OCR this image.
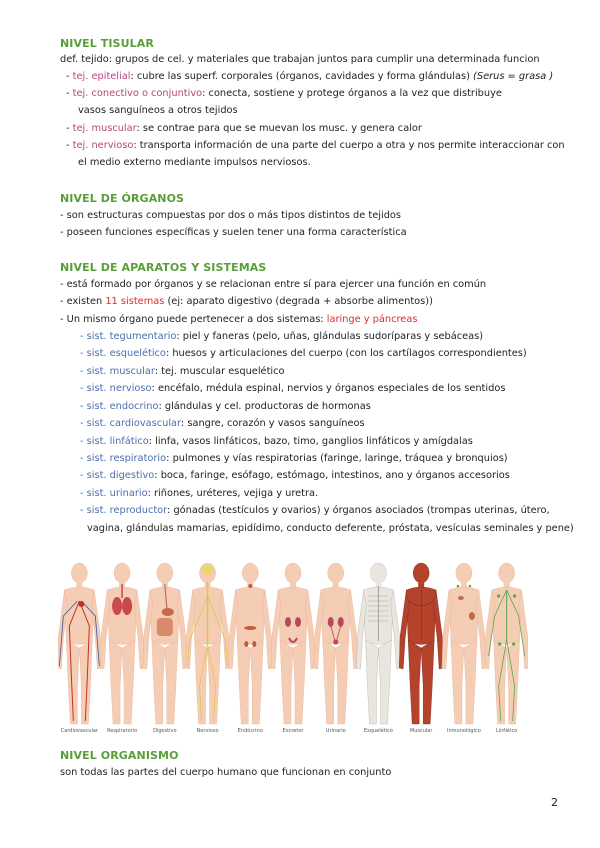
NIVEL TISULAR
def. tejido: grupos de cel. y materiales que trabajan juntos para cumplir una determinada funcion
- tej. epitelial: cubre las superf. corporales (órganos, cavidades y forma glándulas) (Serus = grasa )
- tej. conectivo o conjuntivo: conecta, sostiene y protege órganos a la vez que distribuye
vasos sanguíneos a otros tejidos
- tej. muscular: se contrae para que se muevan los musc. y genera calor
- tej. nervioso: transporta información de una parte del cuerpo a otra y nos permite interaccionar con
el medio externo mediante impulsos nerviosos.
NIVEL DE ÓRGANOS
- son estructuras compuestas por dos o más tipos distintos de tejidos
- poseen funciones específicas y suelen tener una forma característica
NIVEL DE APARATOS Y SISTEMAS
- está formado por órganos y se relacionan entre sí para ejercer una función en común
- existen 11 sistemas (ej: aparato digestivo (degrada + absorbe alimentos))
- Un mismo órgano puede pertenecer a dos sistemas: laringe y páncreas
- sist. tegumentario: piel y faneras (pelo, uñas, glándulas sudoríparas y sebáceas)
- sist. esquelético: huesos y articulaciones del cuerpo (con los cartílagos correspondientes)
- sist. muscular: tej. muscular esquelético
- sist. nervioso: encéfalo, médula espinal, nervios y órganos especiales de los sentidos
- sist. endocrino: glándulas y cel. productoras de hormonas
- sist. cardiovascular: sangre, corazón y vasos sanguíneos
- sist. linfático: linfa, vasos linfáticos, bazo, timo, ganglios linfáticos y amígdalas
- sist. respiratorio: pulmones y vías respiratorias (faringe, laringe, tráquea y bronquios)
- sist. digestivo: boca, faringe, esófago, estómago, intestinos, ano y órganos accesorios
- sist. urinario: riñones, uréteres, vejiga y uretra.
- sist. reproductor: gónadas (testículos y ovarios) y órganos asociados (trompas uterinas, útero,
vagina, glándulas mamarias, epidídimo, conducto deferente, próstata, vesículas seminales y pene)
Cardiovascular Respiratorio	Digestivo	Nervioso	Endócrino	Excretor	Urinario	Esquelético	Muscular	Inmunológico	Linfático
NIVEL ORGANISMO
son todas las partes del cuerpo humano que funcionan en conjunto
2
